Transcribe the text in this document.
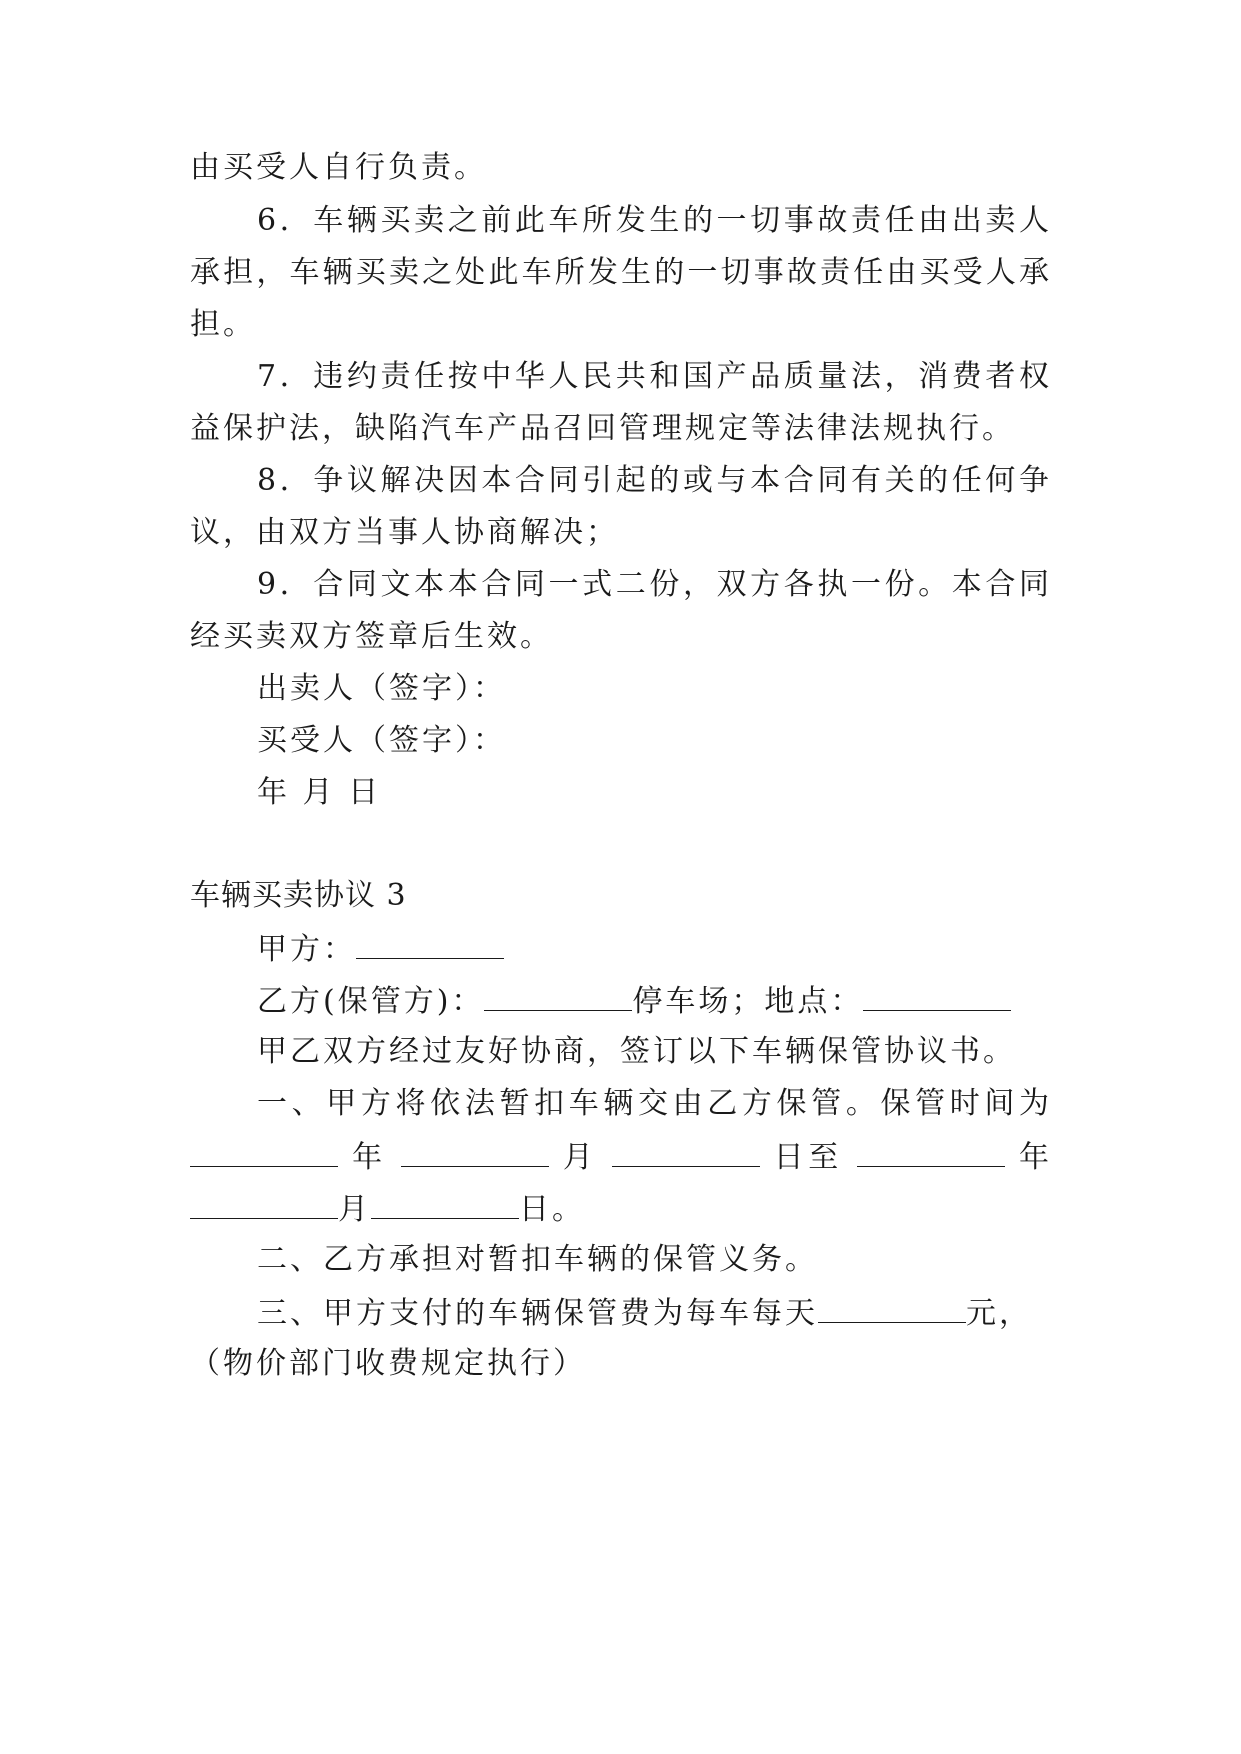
由买受人自行负责。
6．车辆买卖之前此车所发生的一切事故责任由出卖人
承担，车辆买卖之处此车所发生的一切事故责任由买受人承
担。
7．违约责任按中华人民共和国产品质量法，消费者权
益保护法，缺陷汽车产品召回管理规定等法律法规执行。
8．争议解决因本合同引起的或与本合同有关的任何争
议，由双方当事人协商解决；
9．合同文本本合同一式二份，双方各执一份。本合同
经买卖双方签章后生效。
出卖人（签字）：
买受人（签字）：
年 月 日
车辆买卖协议 3
甲方：
乙方(保管方)：	停车场；地点：
甲乙双方经过友好协商，签订以下车辆保管协议书。
一、甲方将依法暂扣车辆交由乙方保管。保管时间为
年	月	日至	年
月	日。
二、乙方承担对暂扣车辆的保管义务。
三、甲方支付的车辆保管费为每车每天	元，
（物价部门收费规定执行）
